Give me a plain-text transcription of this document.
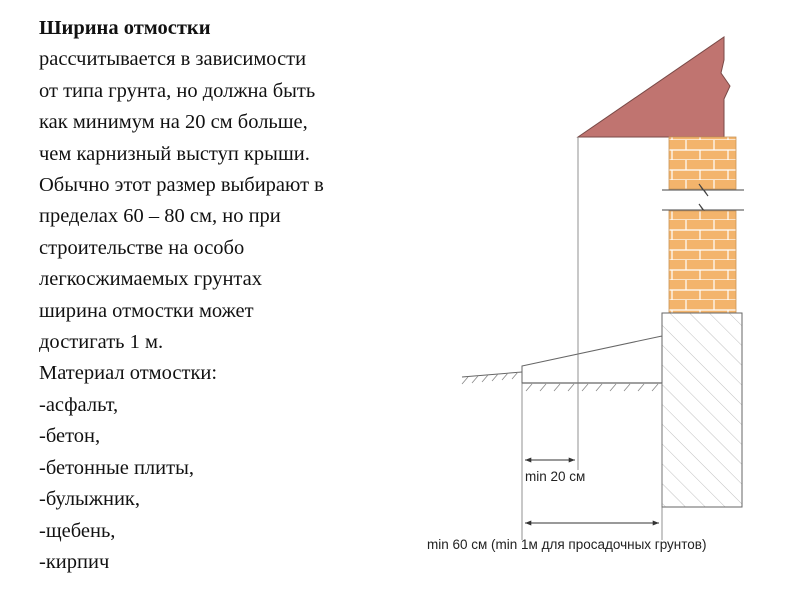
Ширина отмостки
рассчитывается в зависимости
от типа грунта, но должна быть
как минимум на 20 см больше,
чем карнизный выступ крыши.
Обычно этот размер выбирают в
пределах 60 – 80 см, но при
строительстве на особо
легкосжимаемых грунтах
ширина отмостки может
достигать 1 м.
Материал отмостки:
-асфальт,
-бетон,
-бетонные плиты,
-булыжник,
-щебень,
-кирпич
min 20 см
min 60 см (min 1м для просадочных грунтов)
